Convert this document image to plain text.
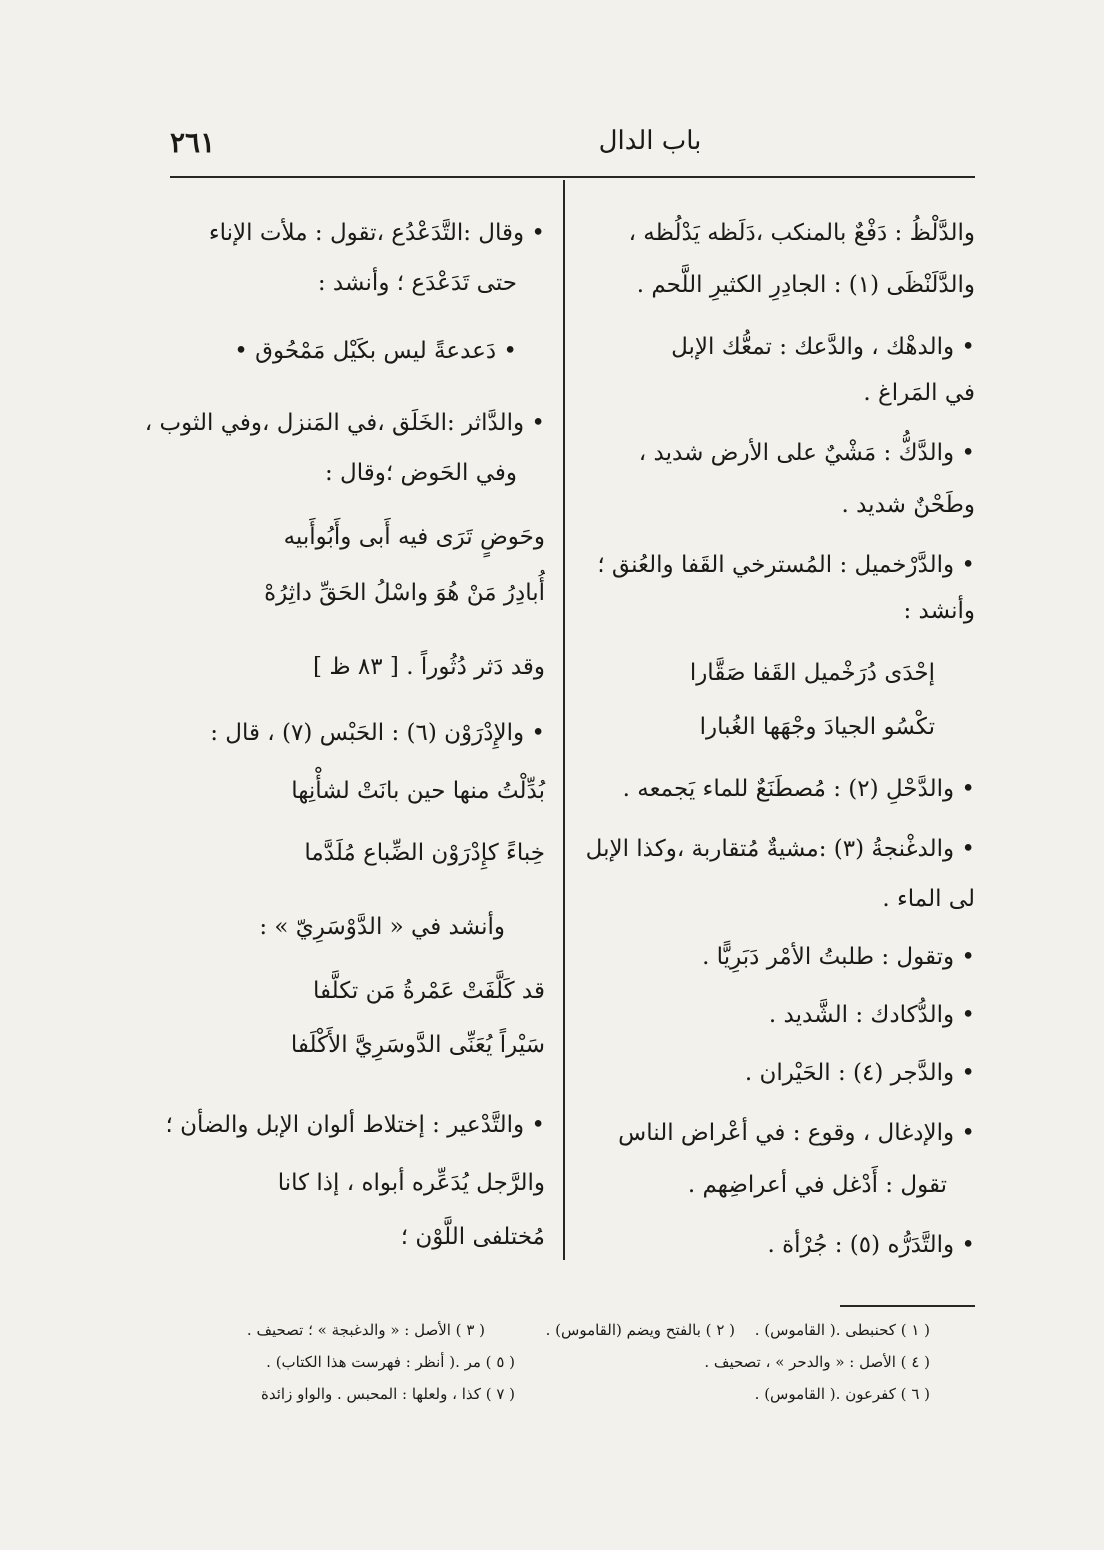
٢٦١	باب الدال
والدَّلْظُ : دَفْعٌ بالمنكب ،دَلَظه يَدْلُظه ،
والدَّلَنْظَى (١) : الجادِرِ الكثيرِ اللَّحم .
• والدهْك ، والدَّعك : تمعُّك الإبل
في المَراغ .
• والدَّكُّ : مَشْيٌ على الأرض شديد ،
وطَحْنٌ شديد .
• والدَّرْخميل : المُسترخي القَفا والعُنق ؛
وأنشد :
إحْدَى دُرَخْميل القَفا صَقَّارا
تكْسُو الجيادَ وجْهَها الغُبارا
• والدَّحْلِ (٢) : مُصطَنَعٌ للماء يَجمعه .
• والدغْنجةُ (٣) :مشيةٌ مُتقاربة ،وكذا الإبل
لى الماء .
• وتقول : طلبتُ الأمْر دَبَرِيًّا .
• والدُّكادك : الشَّديد .
• والدَّجر (٤) : الحَيْران .
• والإدغال ، وقوع : في أعْراض الناس
تقول : أَدْغل في أعراضِهم .
• والتَّدَرُّه (٥) : جُرْأة .
• وقال :التَّدَعْدُع ،تقول : ملأت الإناء
حتى تَدَعْدَع ؛ وأنشد :
• دَعدعةً ليس بكَيْل مَمْحُوق •
• والدَّاثر :الخَلَق ،في المَنزل ،وفي الثوب ،
وفي الحَوض ؛وقال :
وحَوضٍ تَرَى فيه أَبى وأَبُوأَبيه
أُبادِرُ مَنْ هُوَ واسْلُ الحَقِّ داثِرُهْ
وقد دَثر دُثُوراً . [ ٨٣ ظ ]
• والإِدْرَوْن (٦) : الحَبْس (٧) ، قال :
بُدِّلْتُ منها حين بانَتْ لشأْنِها
خِباءً كإِدْرَوْن الضِّباع مُلَدَّما
وأنشد في « الدَّوْسَرِيّ » :
قد كَلَّفَتْ عَمْرةُ مَن تكلَّفا
سَيْراً يُعَنِّى الدَّوسَرِيَّ الأَكْلَفا
• والتَّدْعير : إختلاط ألوان الإبل والضأن ؛
والرَّجل يُدَعِّره أبواه ، إذا كانا
مُختلفى اللَّوْن ؛
( ١ ) كحنبطى .( القاموس) .
( ٢ ) بالفتح ويضم (القاموس) .
( ٣ ) الأصل : « والدغبجة » ؛ تصحيف .
( ٤ ) الأصل : « والدحر » ، تصحيف .
( ٥ ) مر .( أنظر : فهرست هذا الكتاب) .
( ٦ ) كفرعون .( القاموس) .
( ٧ ) كذا ، ولعلها : المحبس . والواو زائدة
